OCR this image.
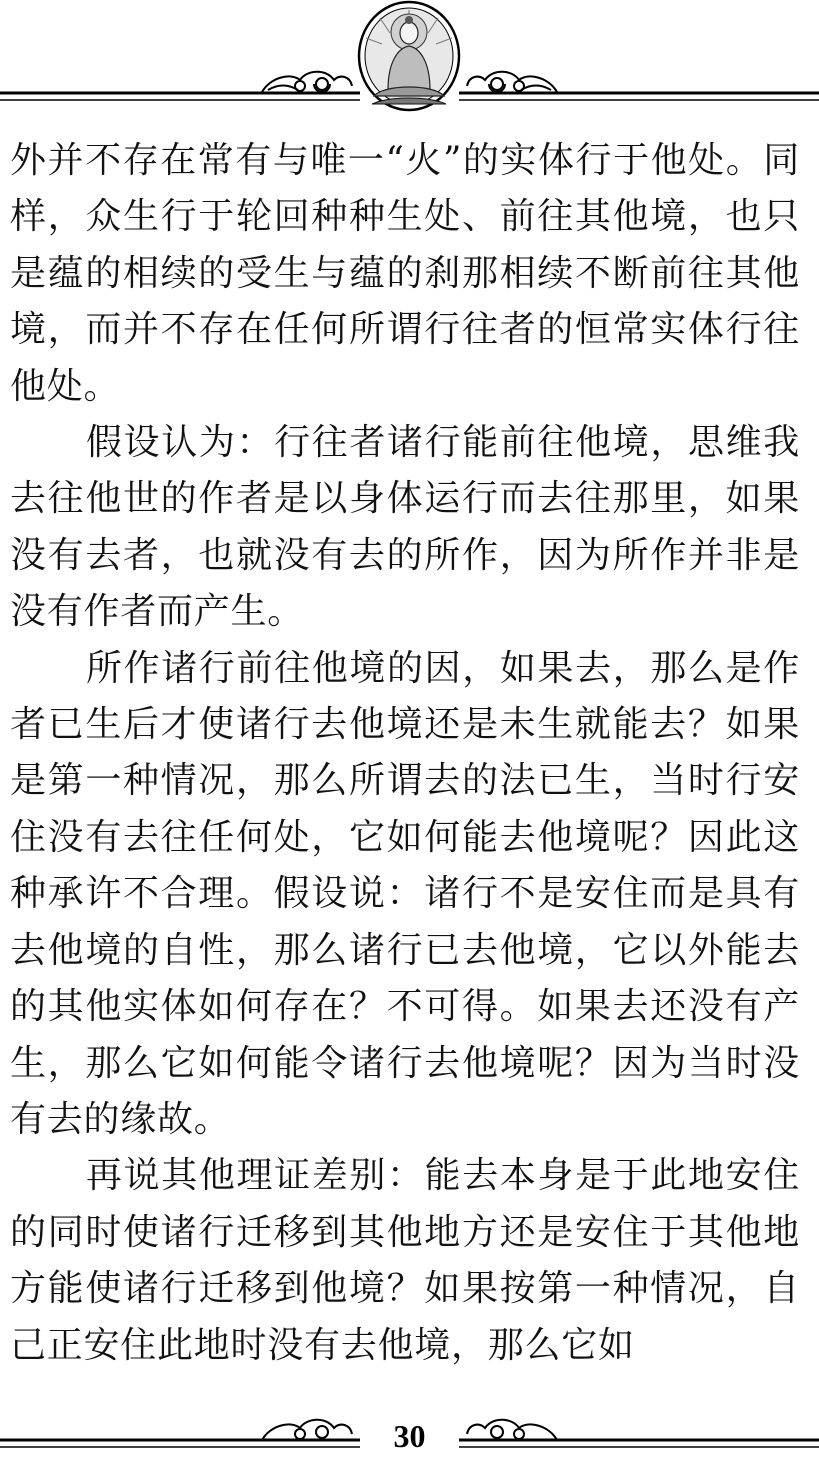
外并不存在常有与唯一“火”的实体行于他处。同样，众生行于轮回种种生处、前往其他境，也只是蕴的相续的受生与蕴的刹那相续不断前往其他境，而并不存在任何所谓行往者的恒常实体行往他处。

假设认为：行往者诸行能前往他境，思维我去往他世的作者是以身体运行而去往那里，如果没有去者，也就没有去的所作，因为所作并非是没有作者而产生。

所作诸行前往他境的因，如果去，那么是作者已生后才使诸行去他境还是未生就能去？如果是第一种情况，那么所谓去的法已生，当时行安住没有去往任何处，它如何能去他境呢？因此这种承许不合理。假设说：诸行不是安住而是具有去他境的自性，那么诸行已去他境，它以外能去的其他实体如何存在？不可得。如果去还没有产生，那么它如何能令诸行去他境呢？因为当时没有去的缘故。

再说其他理证差别：能去本身是于此地安住的同时使诸行迁移到其他地方还是安住于其他地方能使诸行迁移到他境？如果按第一种情况，自己正安住此地时没有去他境，那么它如

30
